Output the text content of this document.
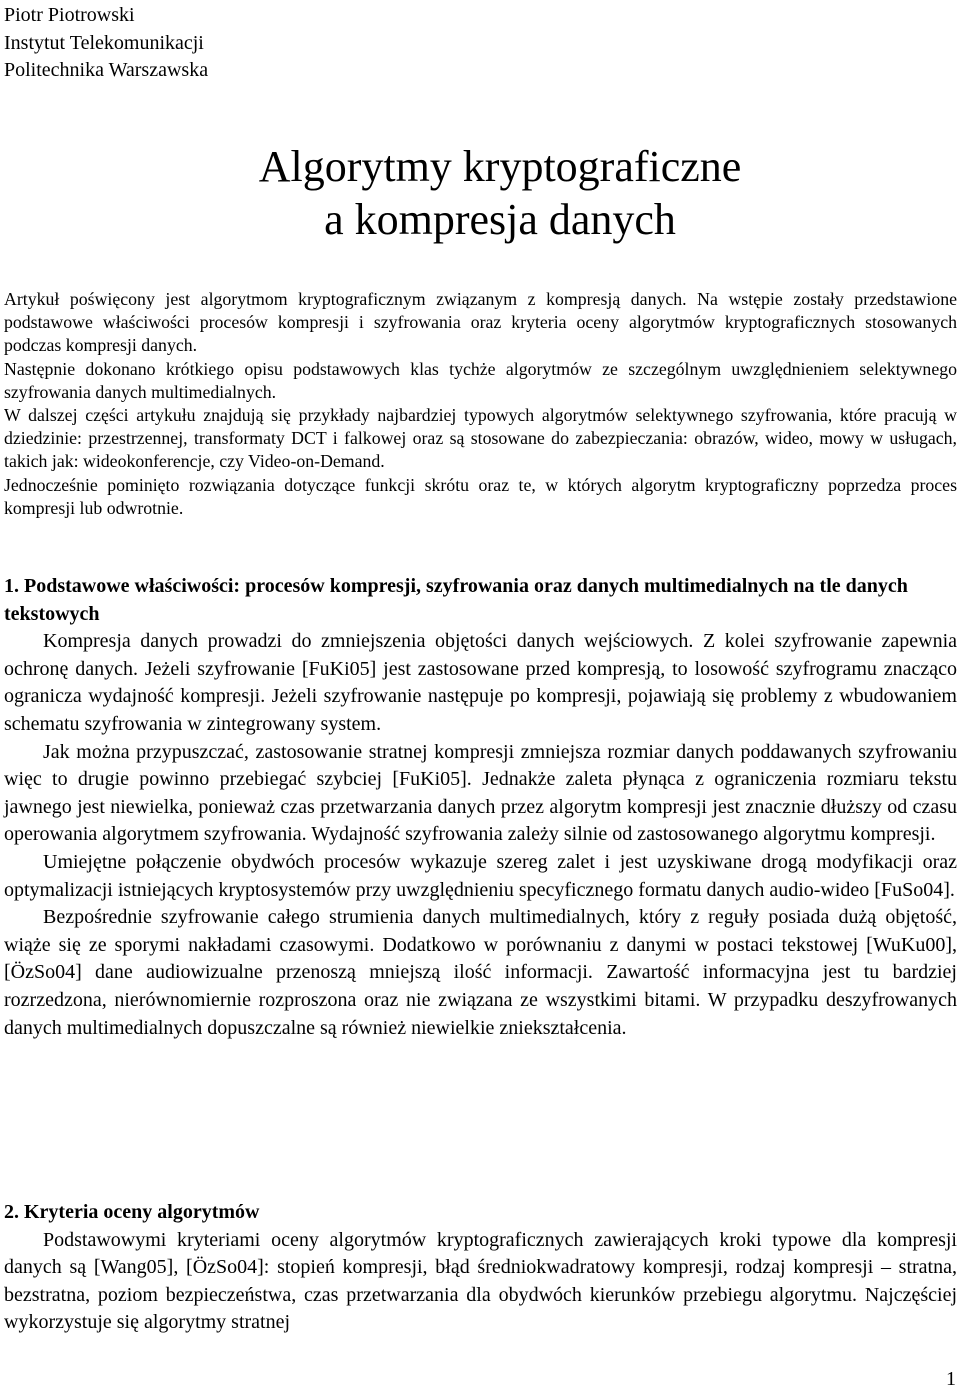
Piotr Piotrowski
Instytut Telekomunikacji
Politechnika Warszawska
Algorytmy kryptograficzne
a kompresja danych

Artykuł poświęcony jest algorytmom kryptograficznym związanym z kompresją danych. Na wstępie zostały przedstawione podstawowe właściwości procesów kompresji i szyfrowania oraz kryteria oceny algorytmów kryptograficznych stosowanych podczas kompresji danych.

Następnie dokonano krótkiego opisu podstawowych klas tychże algorytmów ze szczególnym uwzględnieniem selektywnego szyfrowania danych multimedialnych.

W dalszej części artykułu znajdują się przykłady najbardziej typowych algorytmów selektywnego szyfrowania, które pracują w dziedzinie: przestrzennej, transformaty DCT i falkowej oraz są stosowane do zabezpieczania: obrazów, wideo, mowy w usługach, takich jak: wideokonferencje, czy Video-on-Demand.

Jednocześnie pominięto rozwiązania dotyczące funkcji skrótu oraz te, w których algorytm kryptograficzny poprzedza proces kompresji lub odwrotnie.

1. Podstawowe właściwości: procesów kompresji, szyfrowania oraz danych multimedialnych na tle danych tekstowych

Kompresja danych prowadzi do zmniejszenia objętości danych wejściowych. Z kolei szyfrowanie zapewnia ochronę danych. Jeżeli szyfrowanie [FuKi05] jest zastosowane przed kompresją, to losowość szyfrogramu znacząco ogranicza wydajność kompresji. Jeżeli szyfrowanie następuje po kompresji, pojawiają się problemy z wbudowaniem schematu szyfrowania w zintegrowany system.

Jak można przypuszczać, zastosowanie stratnej kompresji zmniejsza rozmiar danych poddawanych szyfrowaniu więc to drugie powinno przebiegać szybciej [FuKi05]. Jednakże zaleta płynąca z ograniczenia rozmiaru tekstu jawnego jest niewielka, ponieważ czas przetwarzania danych przez algorytm kompresji jest znacznie dłuższy od czasu operowania algorytmem szyfrowania. Wydajność szyfrowania zależy silnie od zastosowanego algorytmu kompresji.

Umiejętne połączenie obydwóch procesów wykazuje szereg zalet i jest uzyskiwane drogą modyfikacji oraz optymalizacji istniejących kryptosystemów przy uwzględnieniu specyficznego formatu danych audio-wideo [FuSo04].

Bezpośrednie szyfrowanie całego strumienia danych multimedialnych, który z reguły posiada dużą objętość, wiąże się ze sporymi nakładami czasowymi. Dodatkowo w porównaniu z danymi w postaci tekstowej [WuKu00], [ÖzSo04] dane audiowizualne przenoszą mniejszą ilość informacji. Zawartość informacyjna jest tu bardziej rozrzedzona, nierównomiernie rozproszona oraz nie związana ze wszystkimi bitami. W przypadku deszyfrowanych danych multimedialnych dopuszczalne są również niewielkie zniekształcenia.

2. Kryteria oceny algorytmów

Podstawowymi kryteriami oceny algorytmów kryptograficznych zawierających kroki typowe dla kompresji danych są [Wang05], [ÖzSo04]: stopień kompresji, błąd średniokwadratowy kompresji, rodzaj kompresji – stratna, bezstratna, poziom bezpieczeństwa, czas przetwarzania dla obydwóch kierunków przebiegu algorytmu. Najczęściej wykorzystuje się algorytmy stratnej

1
